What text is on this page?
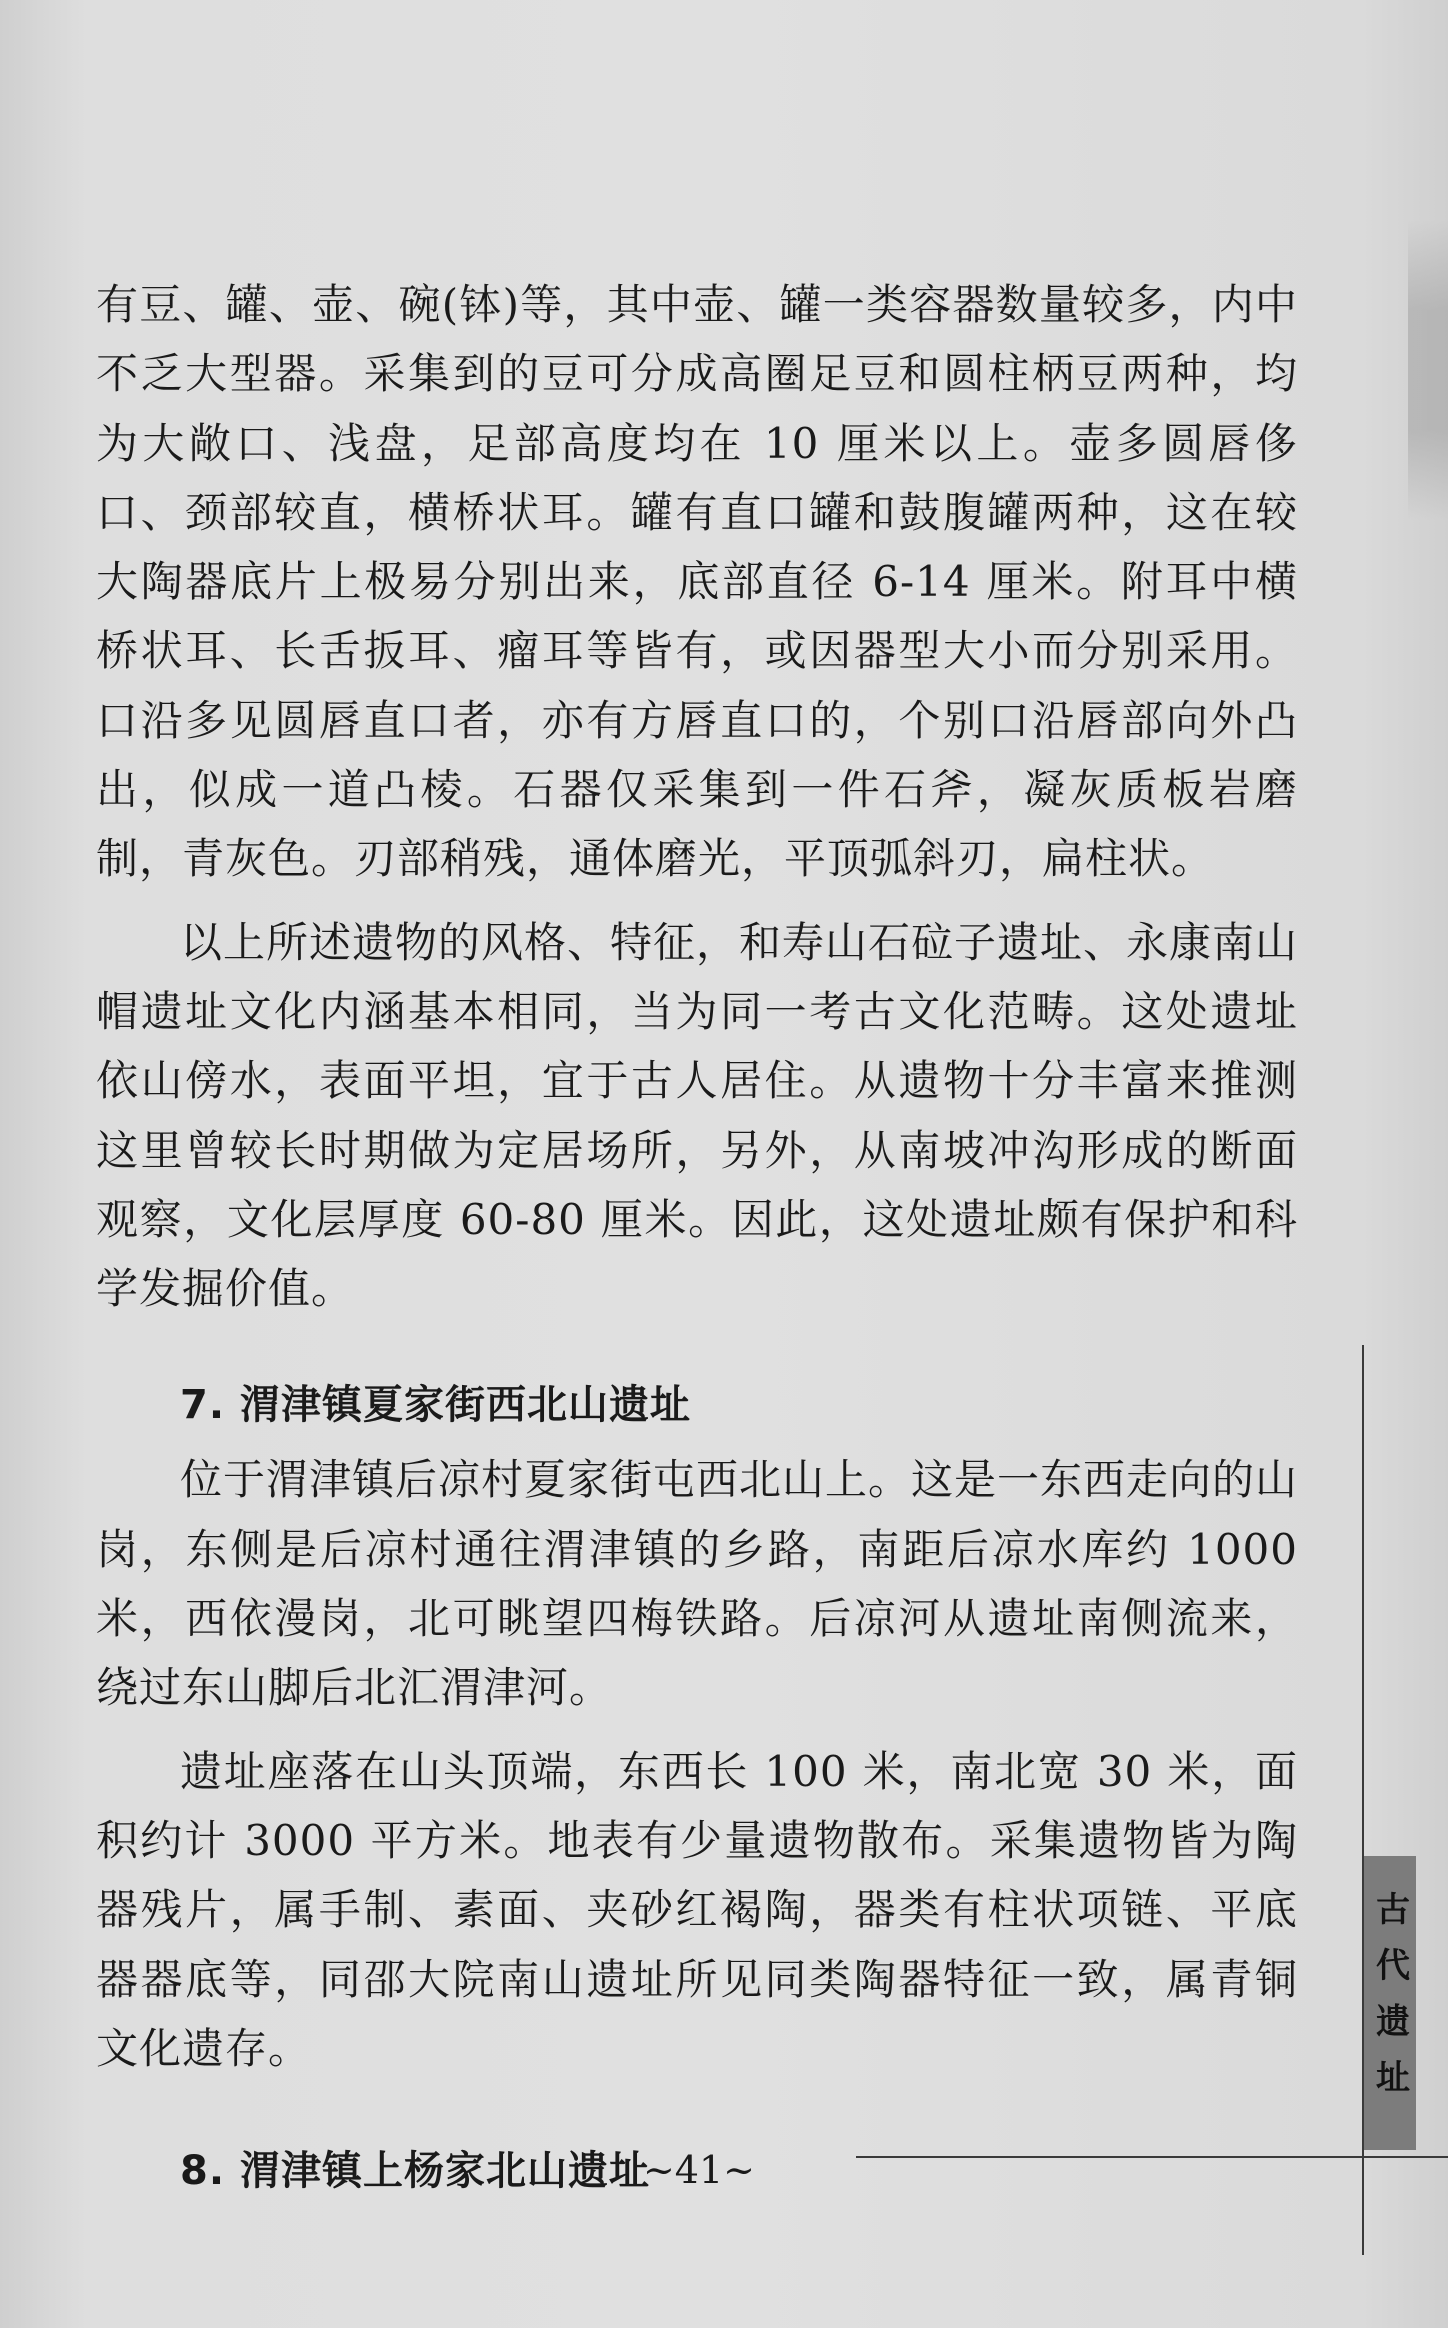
有豆、罐、壶、碗(钵)等，其中壶、罐一类容器数量较多，内中不乏大型器。采集到的豆可分成高圈足豆和圆柱柄豆两种，均为大敞口、浅盘，足部高度均在 10 厘米以上。壶多圆唇侈口、颈部较直，横桥状耳。罐有直口罐和鼓腹罐两种，这在较大陶器底片上极易分别出来，底部直径 6-14 厘米。附耳中横桥状耳、长舌扳耳、瘤耳等皆有，或因器型大小而分别采用。口沿多见圆唇直口者，亦有方唇直口的，个别口沿唇部向外凸出，似成一道凸棱。石器仅采集到一件石斧，凝灰质板岩磨制，青灰色。刃部稍残，通体磨光，平顶弧斜刃，扁柱状。

以上所述遗物的风格、特征，和寿山石砬子遗址、永康南山帽遗址文化内涵基本相同，当为同一考古文化范畴。这处遗址依山傍水，表面平坦，宜于古人居住。从遗物十分丰富来推测这里曾较长时期做为定居场所，另外，从南坡冲沟形成的断面观察，文化层厚度 60-80 厘米。因此，这处遗址颇有保护和科学发掘价值。

7. 渭津镇夏家街西北山遗址

位于渭津镇后凉村夏家街屯西北山上。这是一东西走向的山岗，东侧是后凉村通往渭津镇的乡路，南距后凉水库约 1000 米，西依漫岗，北可眺望四梅铁路。后凉河从遗址南侧流来，绕过东山脚后北汇渭津河。

遗址座落在山头顶端，东西长 100 米，南北宽 30 米，面积约计 3000 平方米。地表有少量遗物散布。采集遗物皆为陶器残片，属手制、素面、夹砂红褐陶，器类有柱状项链、平底器器底等，同邵大院南山遗址所见同类陶器特征一致，属青铜文化遗存。

8. 渭津镇上杨家北山遗址
古代遗址
~41~
